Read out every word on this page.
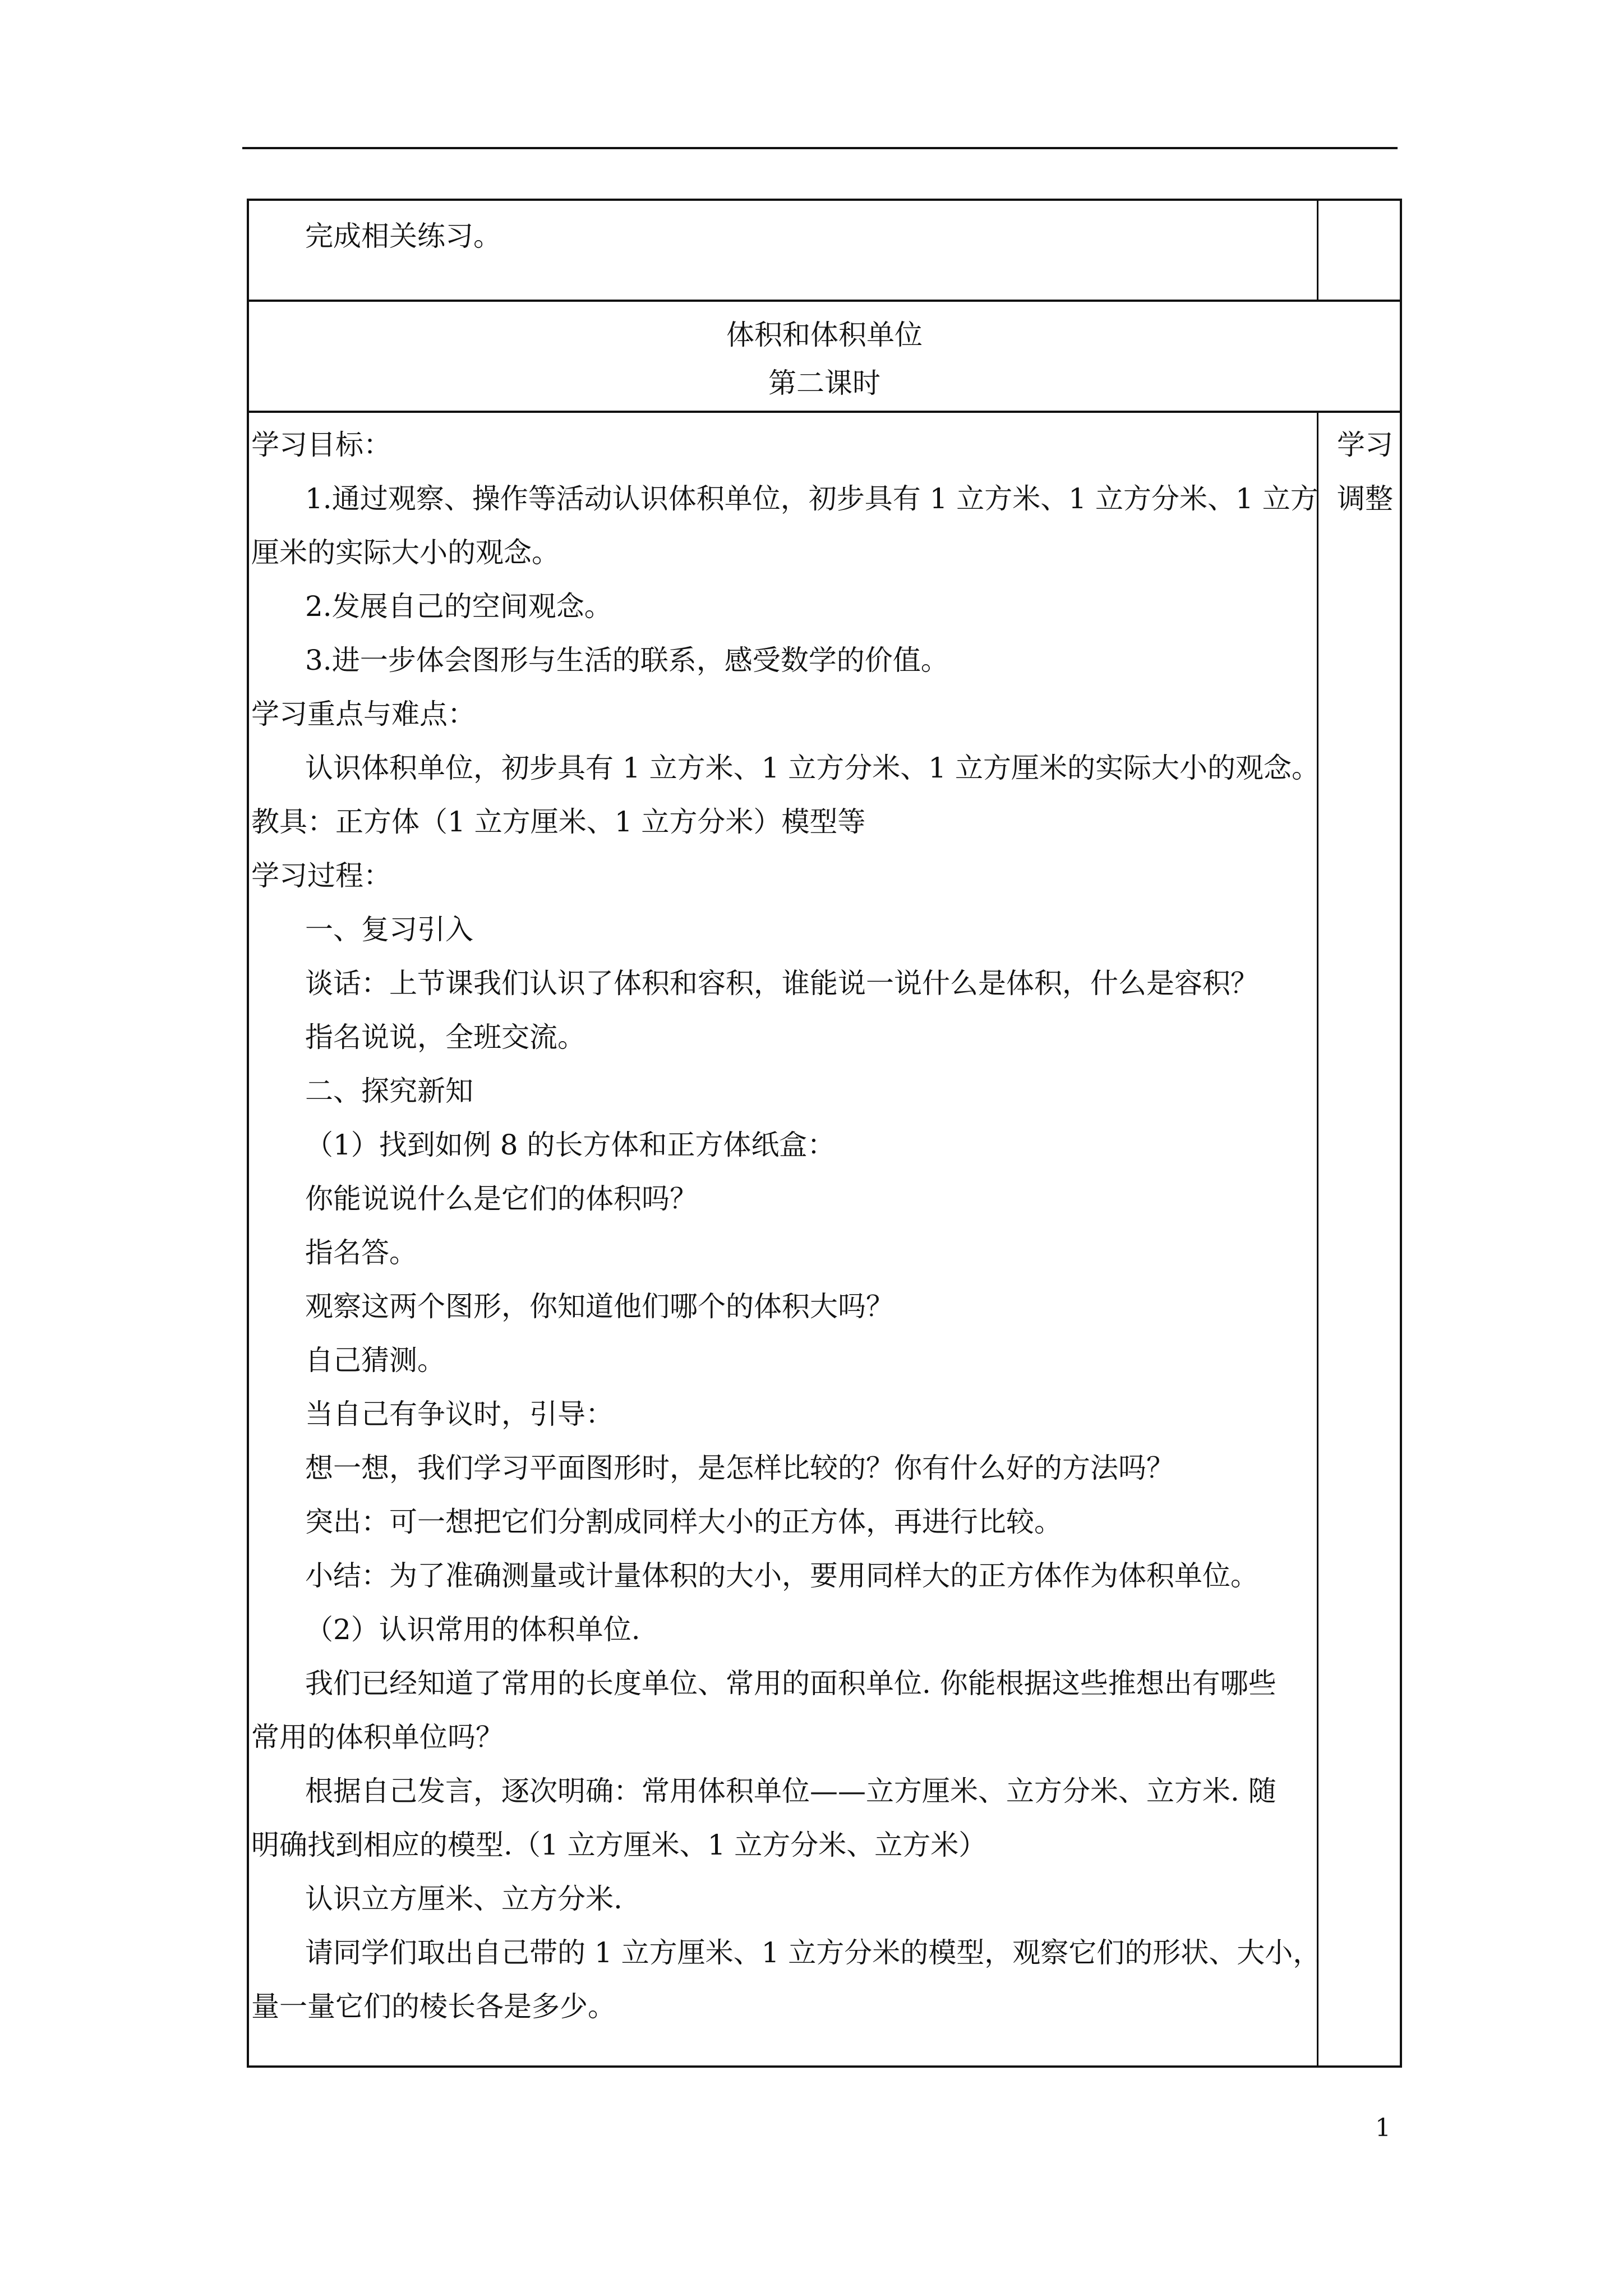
完成相关练习。
体积和体积单位
第二课时
学习
调整
学习目标：
1.通过观察、操作等活动认识体积单位，初步具有 1 立方米、1 立方分米、1 立方
厘米的实际大小的观念。
2.发展自己的空间观念。
3.进一步体会图形与生活的联系，感受数学的价值。
学习重点与难点：
认识体积单位，初步具有 1 立方米、1 立方分米、1 立方厘米的实际大小的观念。
教具：正方体（1 立方厘米、1 立方分米）模型等
学习过程：
一、复习引入
谈话：上节课我们认识了体积和容积，谁能说一说什么是体积，什么是容积？
指名说说，全班交流。
二、探究新知
（1）找到如例 8 的长方体和正方体纸盒：
你能说说什么是它们的体积吗？
指名答。
观察这两个图形，你知道他们哪个的体积大吗？
自己猜测。
当自己有争议时，引导：
想一想，我们学习平面图形时，是怎样比较的？你有什么好的方法吗？
突出：可一想把它们分割成同样大小的正方体，再进行比较。
小结：为了准确测量或计量体积的大小，要用同样大的正方体作为体积单位。
（2）认识常用的体积单位.
我们已经知道了常用的长度单位、常用的面积单位. 你能根据这些推想出有哪些
常用的体积单位吗？
根据自己发言，逐次明确：常用体积单位——立方厘米、立方分米、立方米. 随
明确找到相应的模型.（1 立方厘米、1 立方分米、立方米）
认识立方厘米、立方分米.
请同学们取出自己带的 1 立方厘米、1 立方分米的模型，观察它们的形状、大小，
量一量它们的棱长各是多少。
1
